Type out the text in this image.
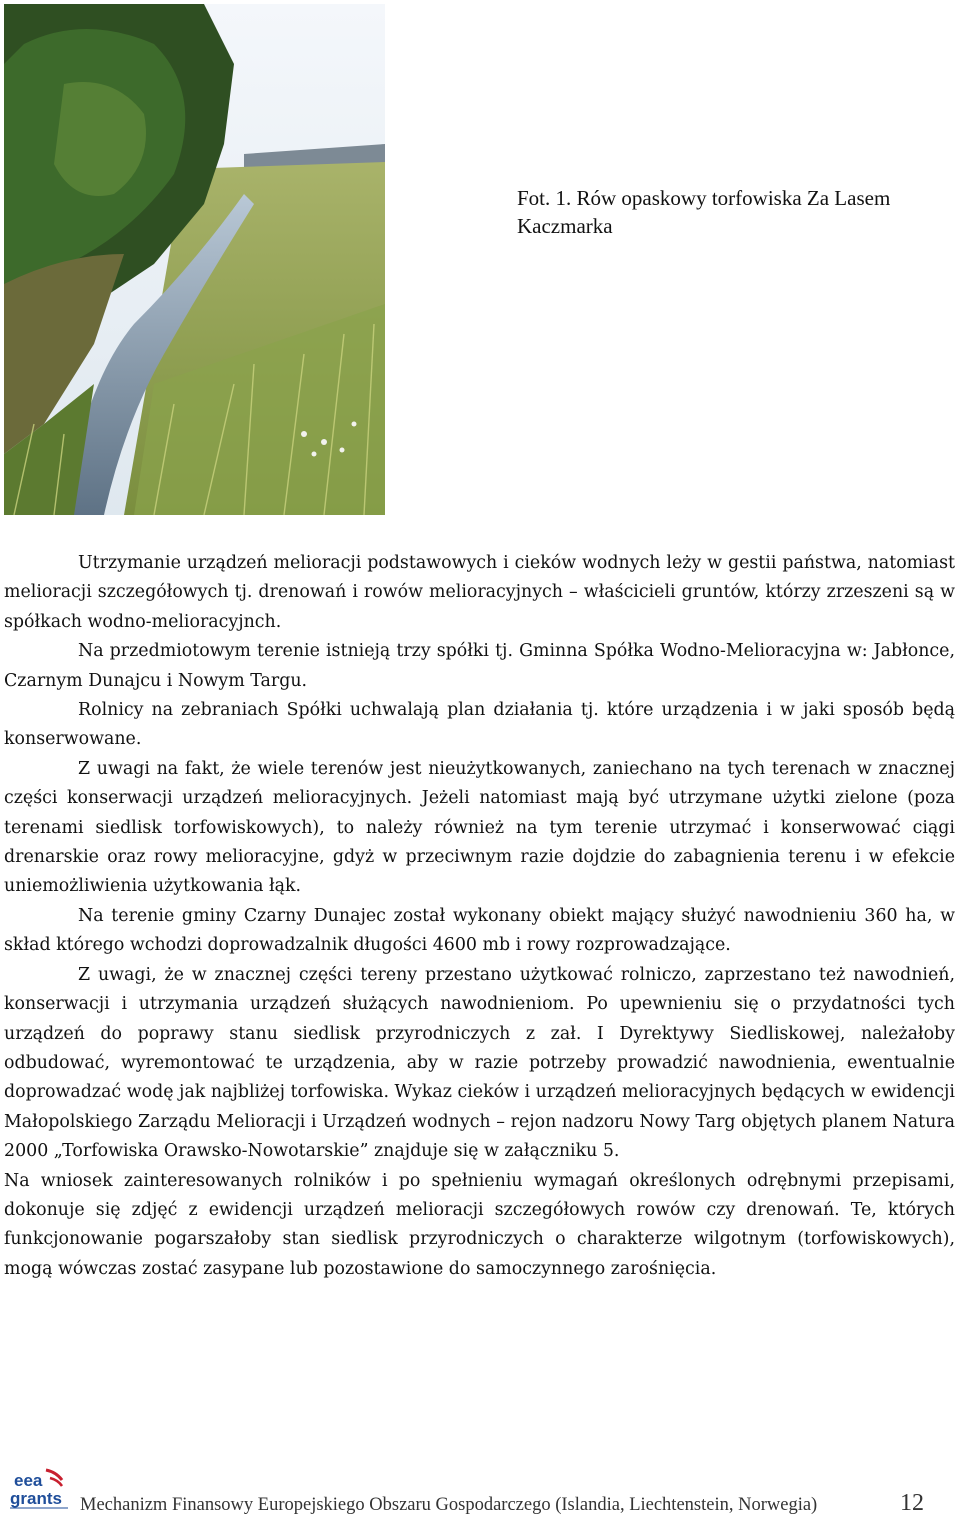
Fot. 1. Rów opaskowy torfowiska Za Lasem Kaczmarka

Utrzymanie urządzeń melioracji podstawowych i cieków wodnych leży w gestii państwa, natomiast melioracji szczegółowych tj. drenowań i rowów melioracyjnych – właścicieli gruntów, którzy zrzeszeni są w spółkach wodno-melioracyjnch.

Na przedmiotowym terenie istnieją trzy spółki tj. Gminna Spółka Wodno-Melioracyjna w: Jabłonce, Czarnym Dunajcu i Nowym Targu.

Rolnicy na zebraniach Spółki uchwalają plan działania tj. które urządzenia i w jaki sposób będą konserwowane.

Z uwagi na fakt, że wiele terenów jest nieużytkowanych, zaniechano na tych terenach w znacznej części konserwacji urządzeń melioracyjnych. Jeżeli natomiast mają być utrzymane użytki zielone (poza terenami siedlisk torfowiskowych), to należy również na tym terenie utrzymać i konserwować ciągi drenarskie oraz rowy melioracyjne, gdyż w przeciwnym razie dojdzie do zabagnienia terenu i w efekcie uniemożliwienia użytkowania łąk.

Na terenie gminy Czarny Dunajec został wykonany obiekt mający służyć nawodnieniu 360 ha, w skład którego wchodzi doprowadzalnik długości 4600 mb i rowy rozprowadzające.

Z uwagi, że w znacznej części tereny przestano użytkować rolniczo, zaprzestano też nawodnień, konserwacji i utrzymania urządzeń służących nawodnieniom. Po upewnieniu się o przydatności tych urządzeń do poprawy stanu siedlisk przyrodniczych z zał. I Dyrektywy Siedliskowej, należałoby odbudować, wyremontować te urządzenia, aby w razie potrzeby prowadzić nawodnienia, ewentualnie doprowadzać wodę jak najbliżej torfowiska. Wykaz cieków i urządzeń melioracyjnych będących w ewidencji Małopolskiego Zarządu Melioracji i Urządzeń wodnych – rejon nadzoru Nowy Targ objętych planem Natura 2000 „Torfowiska Orawsko-Nowotarskie” znajduje się w załączniku 5.

Na wniosek zainteresowanych rolników i po spełnieniu wymagań określonych odrębnymi przepisami, dokonuje się zdjęć z ewidencji urządzeń melioracji szczegółowych rowów czy drenowań. Te, których funkcjonowanie pogarszałoby stan siedlisk przyrodniczych o charakterze wilgotnym (torfowiskowych), mogą wówczas zostać zasypane lub pozostawione do samoczynnego zarośnięcia.

eea
grants Mechanizm Finansowy Europejskiego Obszaru Gospodarczego (Islandia, Liechtenstein, Norwegia)	12
